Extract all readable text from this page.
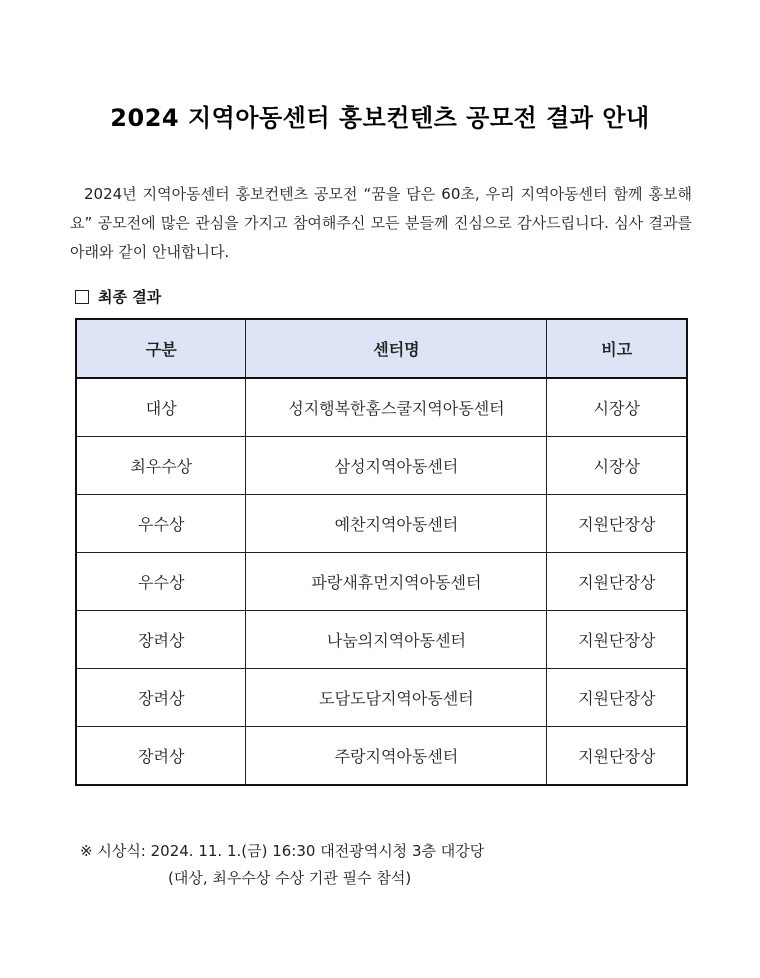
2024 지역아동센터 홍보컨텐츠 공모전 결과 안내
2024년 지역아동센터 홍보컨텐츠 공모전 “꿈을 담은 60초, 우리 지역아동센터 함께 홍보해요” 공모전에 많은 관심을 가지고 참여해주신 모든 분들께 진심으로 감사드립니다. 심사 결과를 아래와 같이 안내합니다.
최종 결과
구분	센터명	비고
대상	성지행복한홈스쿨지역아동센터	시장상
최우수상	삼성지역아동센터	시장상
우수상	예찬지역아동센터	지원단장상
우수상	파랑새휴먼지역아동센터	지원단장상
장려상	나눔의지역아동센터	지원단장상
장려상	도담도담지역아동센터	지원단장상
장려상	주랑지역아동센터	지원단장상
※ 시상식: 2024. 11. 1.(금) 16:30 대전광역시청 3층 대강당
(대상, 최우수상 수상 기관 필수 참석)
